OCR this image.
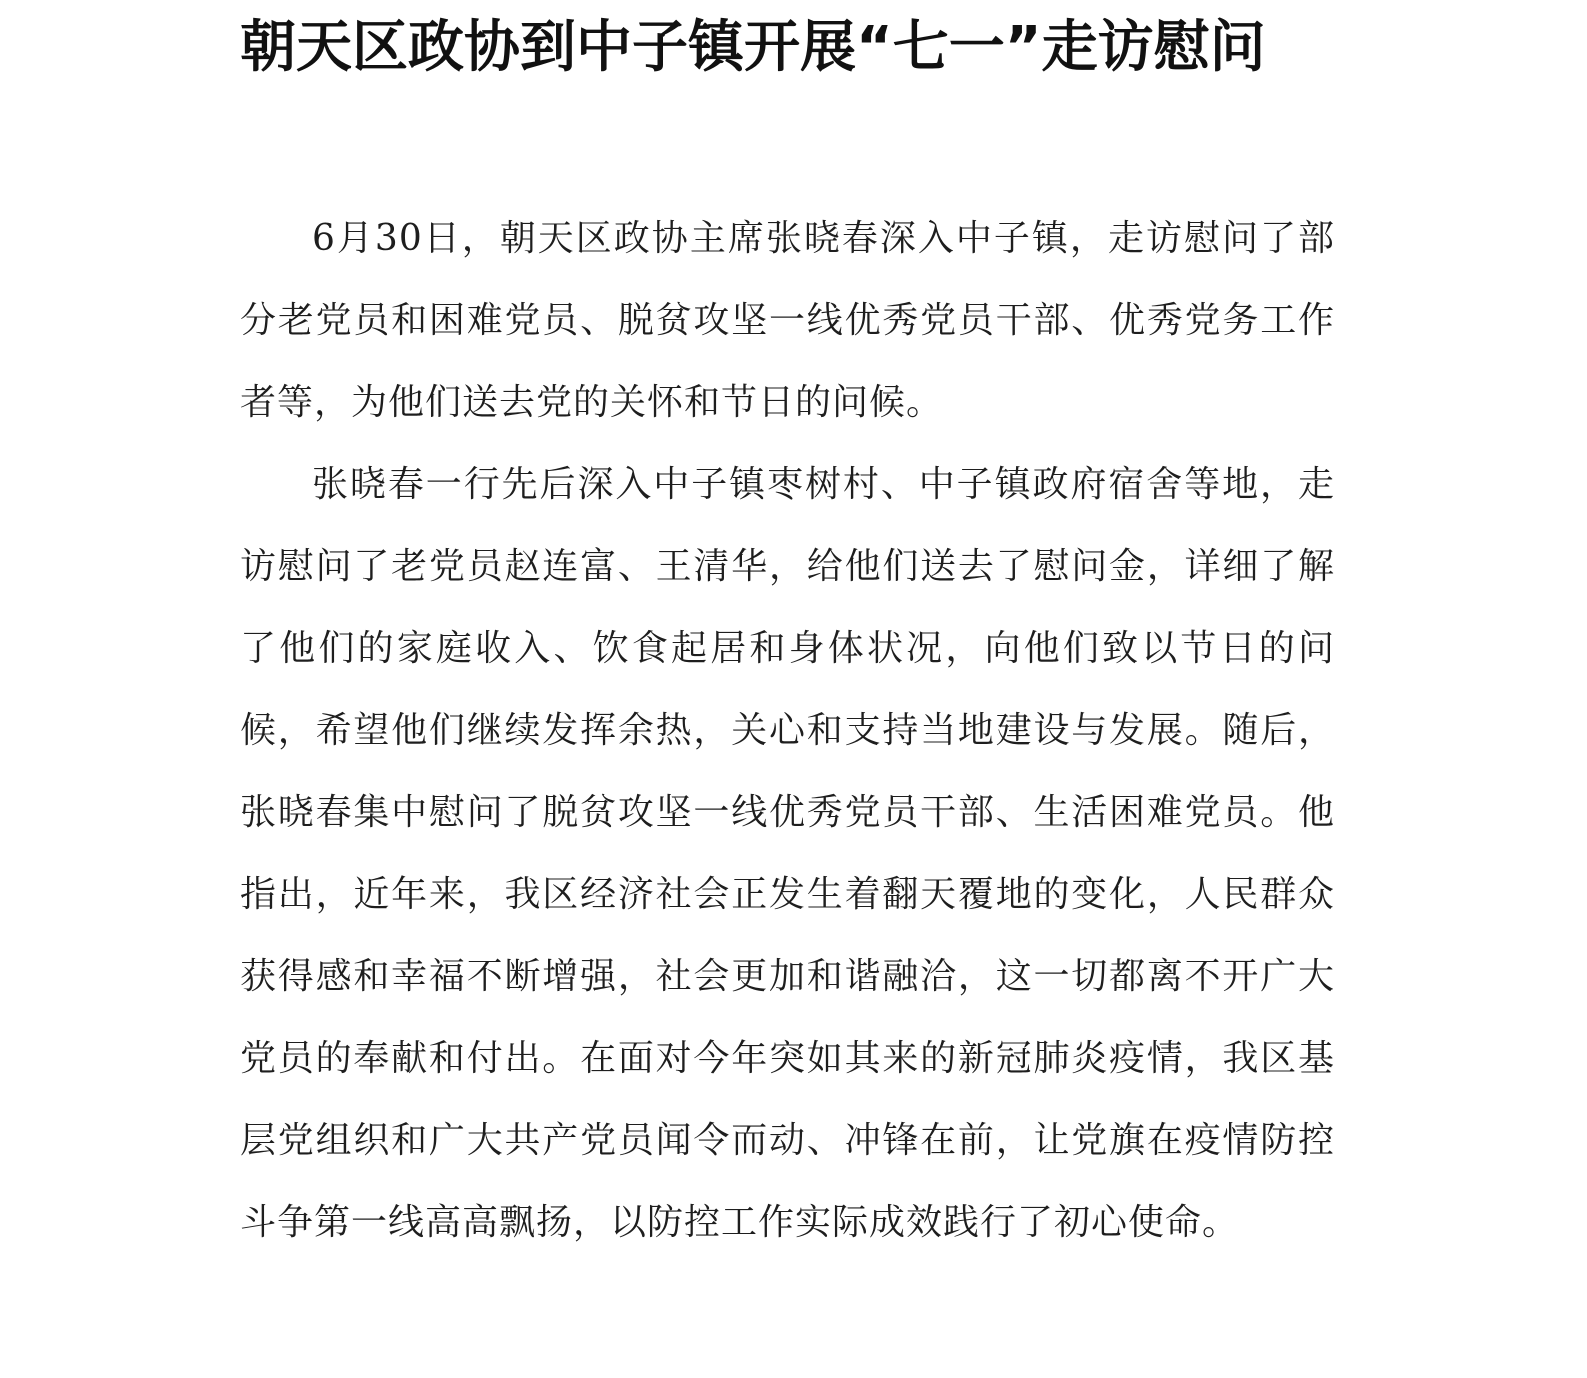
朝天区政协到中子镇开展“七一”走访慰问

6月30日，朝天区政协主席张晓春深入中子镇，走访慰问了部分老党员和困难党员、脱贫攻坚一线优秀党员干部、优秀党务工作者等，为他们送去党的关怀和节日的问候。

张晓春一行先后深入中子镇枣树村、中子镇政府宿舍等地，走访慰问了老党员赵连富、王清华，给他们送去了慰问金，详细了解了他们的家庭收入、饮食起居和身体状况，向他们致以节日的问候，希望他们继续发挥余热，关心和支持当地建设与发展。随后，张晓春集中慰问了脱贫攻坚一线优秀党员干部、生活困难党员。他指出，近年来，我区经济社会正发生着翻天覆地的变化，人民群众获得感和幸福不断增强，社会更加和谐融洽，这一切都离不开广大党员的奉献和付出。在面对今年突如其来的新冠肺炎疫情，我区基层党组织和广大共产党员闻令而动、冲锋在前，让党旗在疫情防控斗争第一线高高飘扬，以防控工作实际成效践行了初心使命。
